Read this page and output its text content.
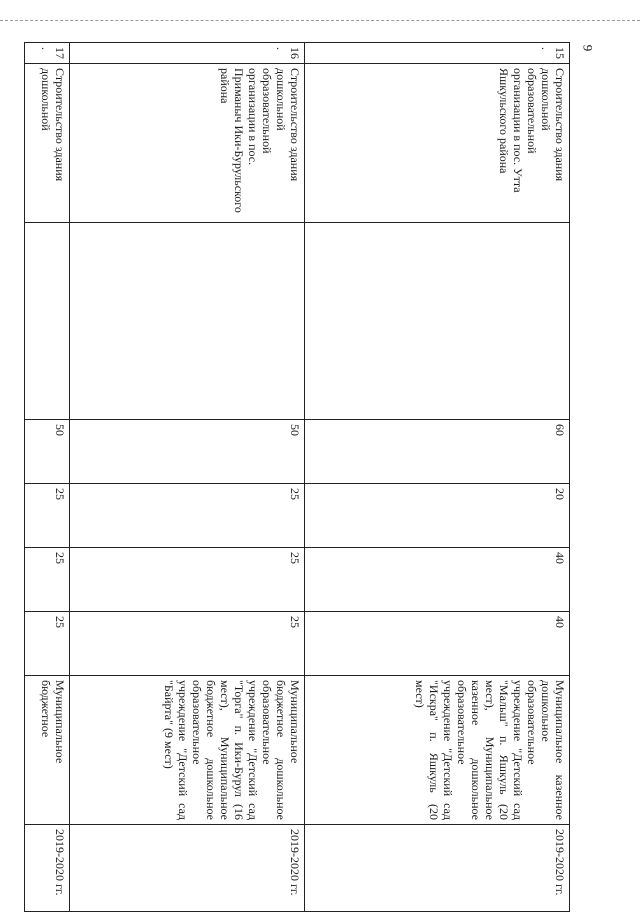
9
15.	Строительство здания дошкольной образовательной организации в пос. Утта Яшкульского района		60	20	40	40	Муниципальное казенное дошкольное образовательное учреждение "Детский сад "Мальш" п. Яшкуль (20 мест), Муниципальное казенное дошкольное образовательное учреждение "Детский сад "Искра" п. Яшкуль (20 мест)	2019-2020 гг.
16.	Строительство здания дошкольной образовательной организации в пос. Приманыч Ики-Бурульского района		50	25	25	25	Муниципальное бюджетное дошкольное образовательное учреждение "Детский сад "Торга" п. Ики-Бурул (16 мест), Муниципальное бюджетное дошкольное образовательное учреждение "Детский сад "Байрта" (9 мест)	2019-2020 гг.
17.	Строительство здания дошкольной		50	25	25	25	Муниципальное бюджетное	2019-2020 гг.
